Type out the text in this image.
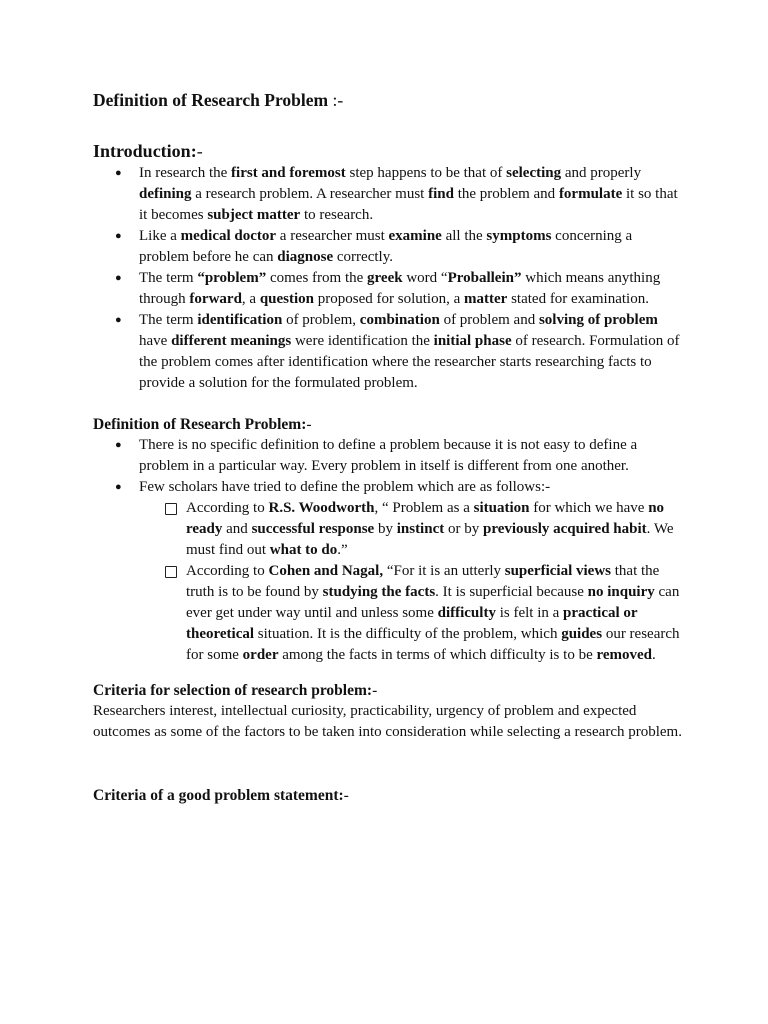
Definition of Research Problem :-
Introduction:-
● In research the first and foremost step happens to be that of selecting and properly defining a research problem. A researcher must find the problem and formulate it so that it becomes subject matter to research.
● Like a medical doctor a researcher must examine all the symptoms concerning a problem before he can diagnose correctly.
● The term “problem” comes from the greek word “Proballein” which means anything through forward, a question proposed for solution, a matter stated for examination.
● The term identification of problem, combination of problem and solving of problem have different meanings were identification the initial phase of research. Formulation of the problem comes after identification where the researcher starts researching facts to provide a solution for the formulated problem.
Definition of Research Problem:-
● There is no specific definition to define a problem because it is not easy to define a problem in a particular way. Every problem in itself is different from one another.
● Few scholars have tried to define the problem which are as follows:-
According to R.S. Woodworth, “ Problem as a situation for which we have no ready and successful response by instinct or by previously acquired habit. We must find out what to do.”
According to Cohen and Nagal, “For it is an utterly superficial views that the truth is to be found by studying the facts. It is superficial because no inquiry can ever get under way until and unless some difficulty is felt in a practical or theoretical situation. It is the difficulty of the problem, which guides our research for some order among the facts in terms of which difficulty is to be removed.
Criteria for selection of research problem:-

Researchers interest, intellectual curiosity, practicability, urgency of problem and expected outcomes as some of the factors to be taken into consideration while selecting a research problem.

Criteria of a good problem statement:-
